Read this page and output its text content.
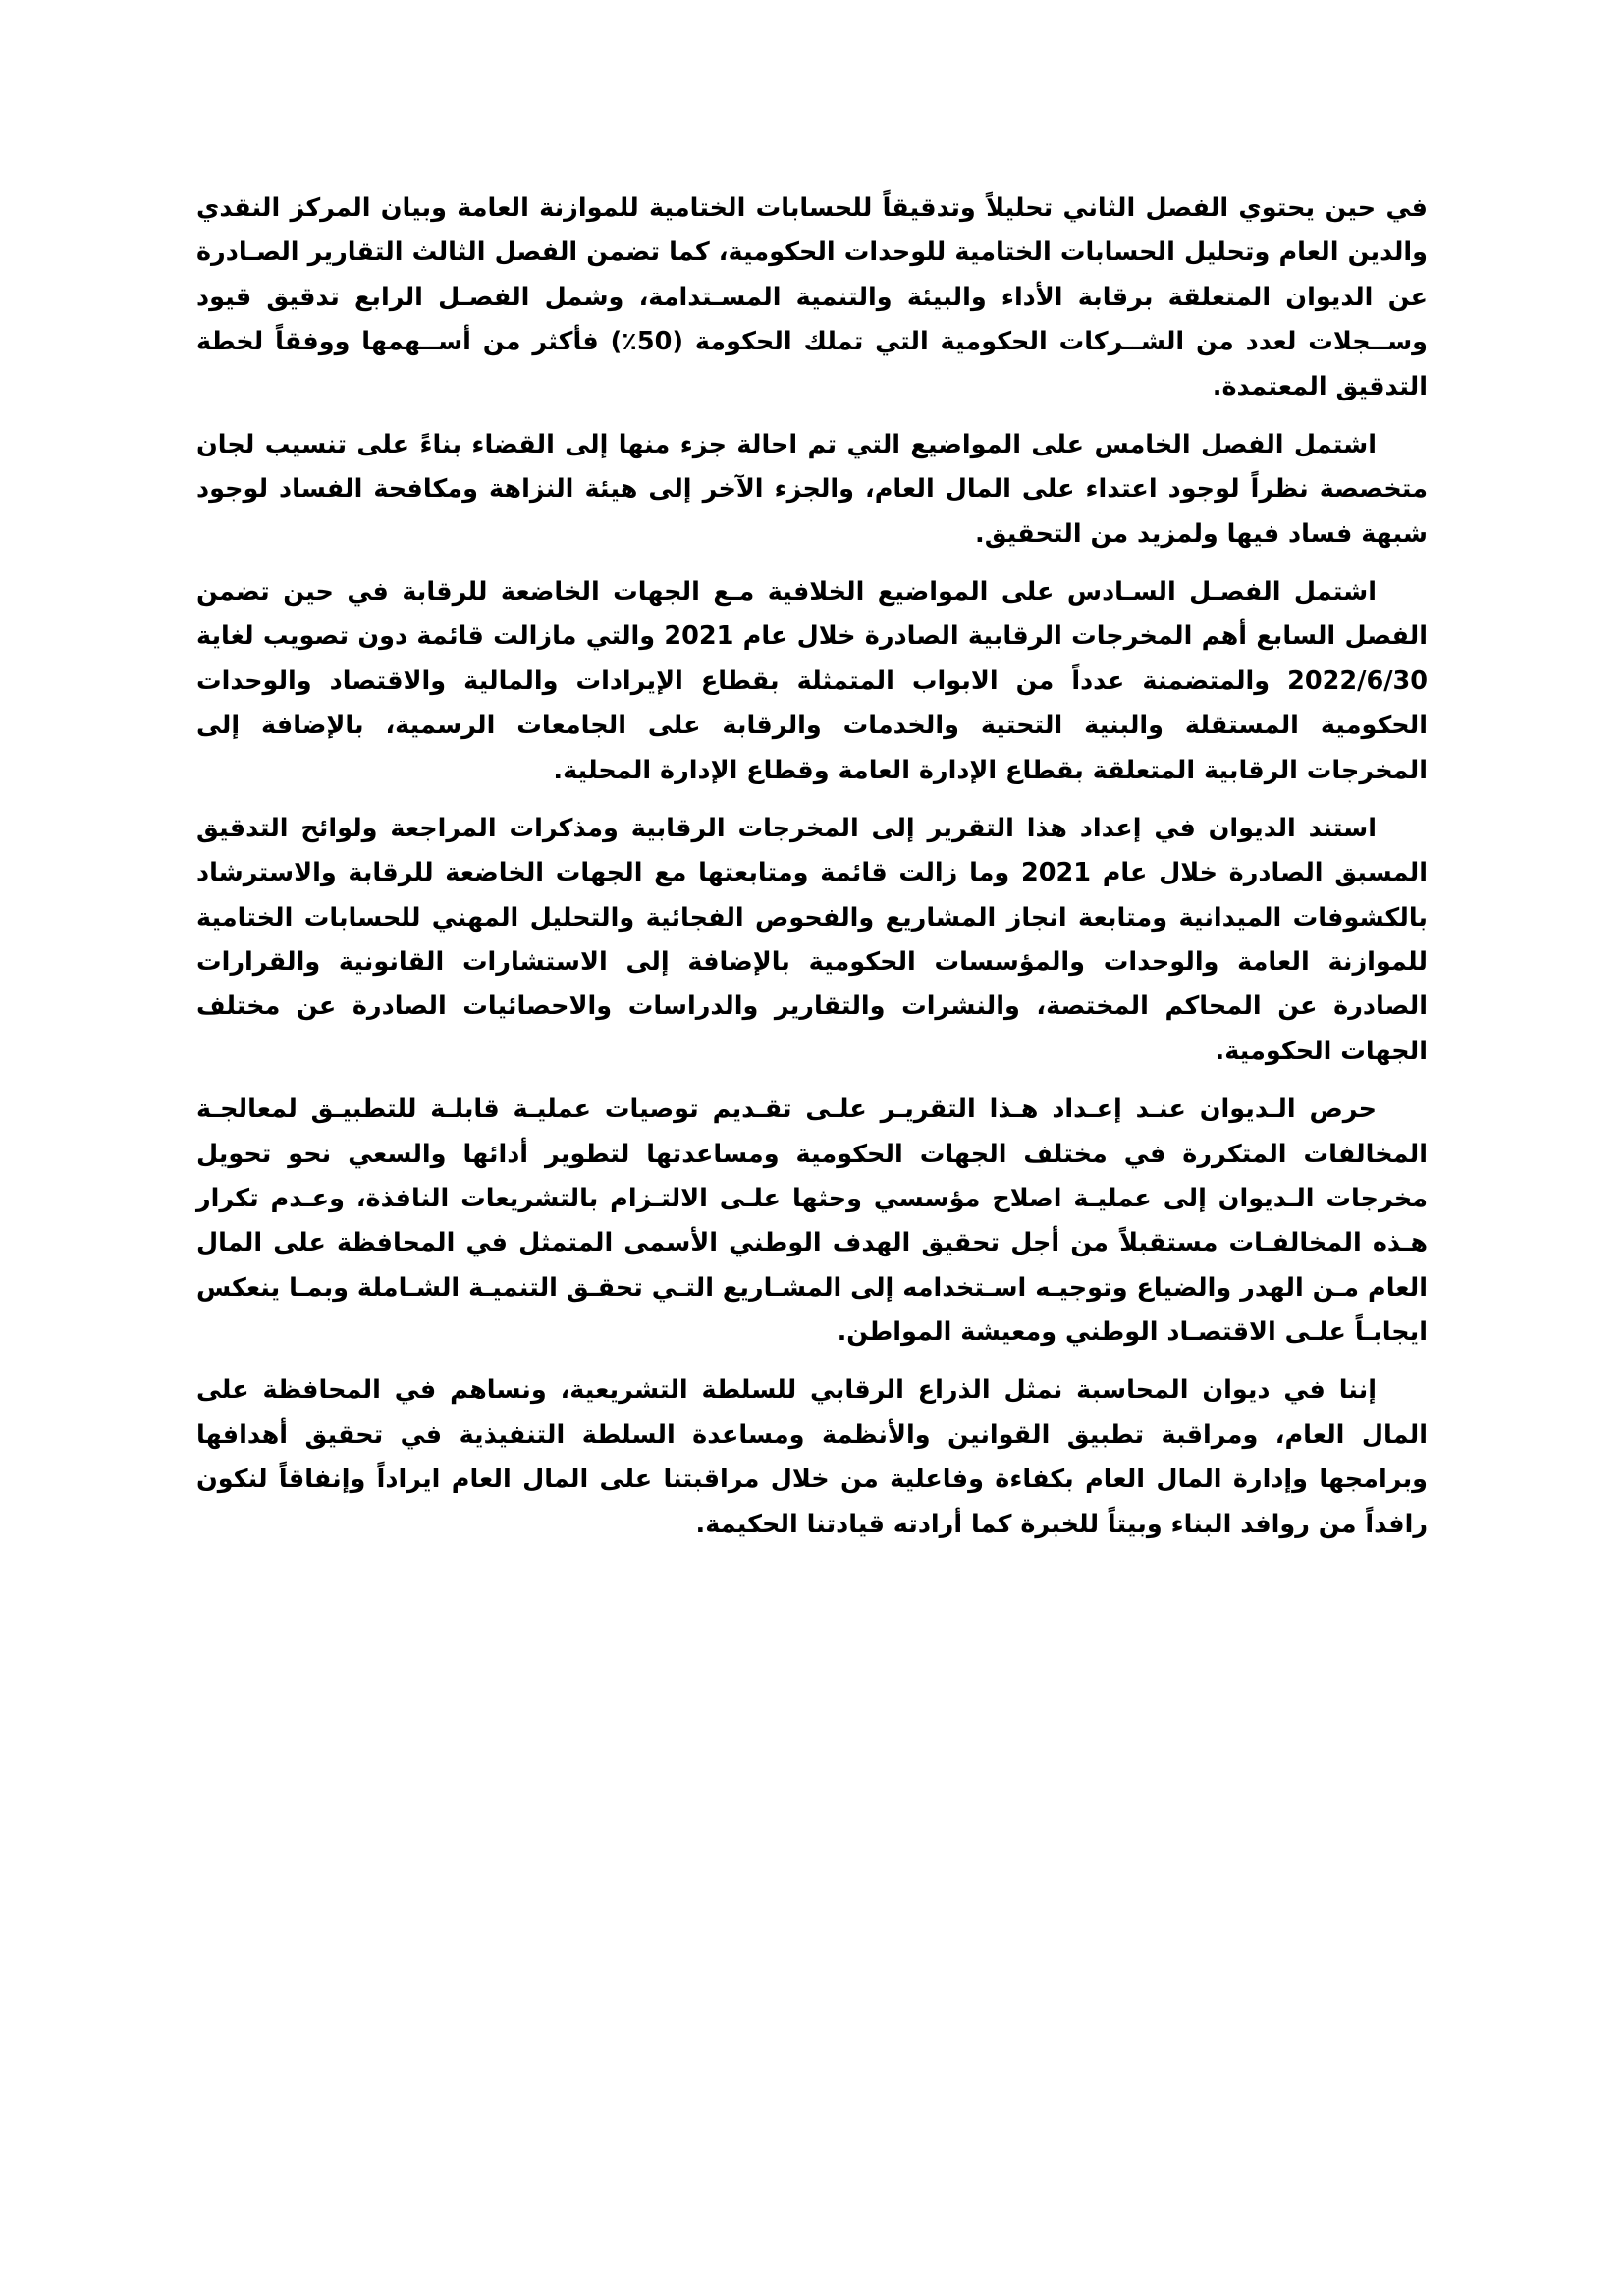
في حين يحتوي الفصل الثاني تحليلاً وتدقيقاً للحسابات الختامية للموازنة العامة وبيان المركز النقدي والدين العام وتحليل الحسابات الختامية للوحدات الحكومية، كما تضمن الفصل الثالث التقارير الصـادرة عن الديوان المتعلقة برقابة الأداء والبيئة والتنمية المسـتدامة، وشمل الفصـل الرابع تدقيق قيود وســجلات لعدد من الشــركات الحكومية التي تملك الحكومة (50٪) فأكثر من أســهمها ووفقاً لخطة التدقيق المعتمدة.

اشتمل الفصل الخامس على المواضيع التي تم احالة جزء منها إلى القضاء بناءً على تنسيب لجان متخصصة نظراً لوجود اعتداء على المال العام، والجزء الآخر إلى هيئة النزاهة ومكافحة الفساد لوجود شبهة فساد فيها ولمزيد من التحقيق.

اشتمل الفصـل السـادس على المواضيع الخلافية مـع الجهات الخاضعة للرقابة في حين تضمن الفصل السابع أهم المخرجات الرقابية الصادرة خلال عام 2021 والتي مازالت قائمة دون تصويب لغاية 2022/6/30 والمتضمنة عدداً من الابواب المتمثلة بقطاع الإيرادات والمالية والاقتصاد والوحدات الحكومية المستقلة والبنية التحتية والخدمات والرقابة على الجامعات الرسمية، بالإضافة إلى المخرجات الرقابية المتعلقة بقطاع الإدارة العامة وقطاع الإدارة المحلية.

استند الديوان في إعداد هذا التقرير إلى المخرجات الرقابية ومذكرات المراجعة ولوائح التدقيق المسبق الصادرة خلال عام 2021 وما زالت قائمة ومتابعتها مع الجهات الخاضعة للرقابة والاسترشاد بالكشوفات الميدانية ومتابعة انجاز المشاريع والفحوص الفجائية والتحليل المهني للحسابات الختامية للموازنة العامة والوحدات والمؤسسات الحكومية بالإضافة إلى الاستشارات القانونية والقرارات الصادرة عن المحاكم المختصة، والنشرات والتقارير والدراسات والاحصائيات الصادرة عن مختلف الجهات الحكومية.

حرص الـديوان عنـد إعـداد هـذا التقريـر علـى تقـديم توصيات عمليـة قابلـة للتطبيـق لمعالجـة المخالفات المتكررة في مختلف الجهات الحكومية ومساعدتها لتطوير أدائها والسعي نحو تحويل مخرجات الـديوان إلى عمليـة اصلاح مؤسسي وحثها علـى الالتـزام بالتشريعات النافذة، وعـدم تكرار هـذه المخالفـات مستقبلاً من أجل تحقيق الهدف الوطني الأسمى المتمثل في المحافظة على المال العام مـن الهدر والضياع وتوجيـه اسـتخدامه إلى المشـاريع التـي تحقـق التنميـة الشـاملة وبمـا ينعكس ايجابـاً علـى الاقتصـاد الوطني ومعيشة المواطن.

إننا في ديوان المحاسبة نمثل الذراع الرقابي للسلطة التشريعية، ونساهم في المحافظة على المال العام، ومراقبة تطبيق القوانين والأنظمة ومساعدة السلطة التنفيذية في تحقيق أهدافها وبرامجها وإدارة المال العام بكفاءة وفاعلية من خلال مراقبتنا على المال العام ايراداً وإنفاقاً لنكون رافداً من روافد البناء وبيتاً للخبرة كما أرادته قيادتنا الحكيمة.
